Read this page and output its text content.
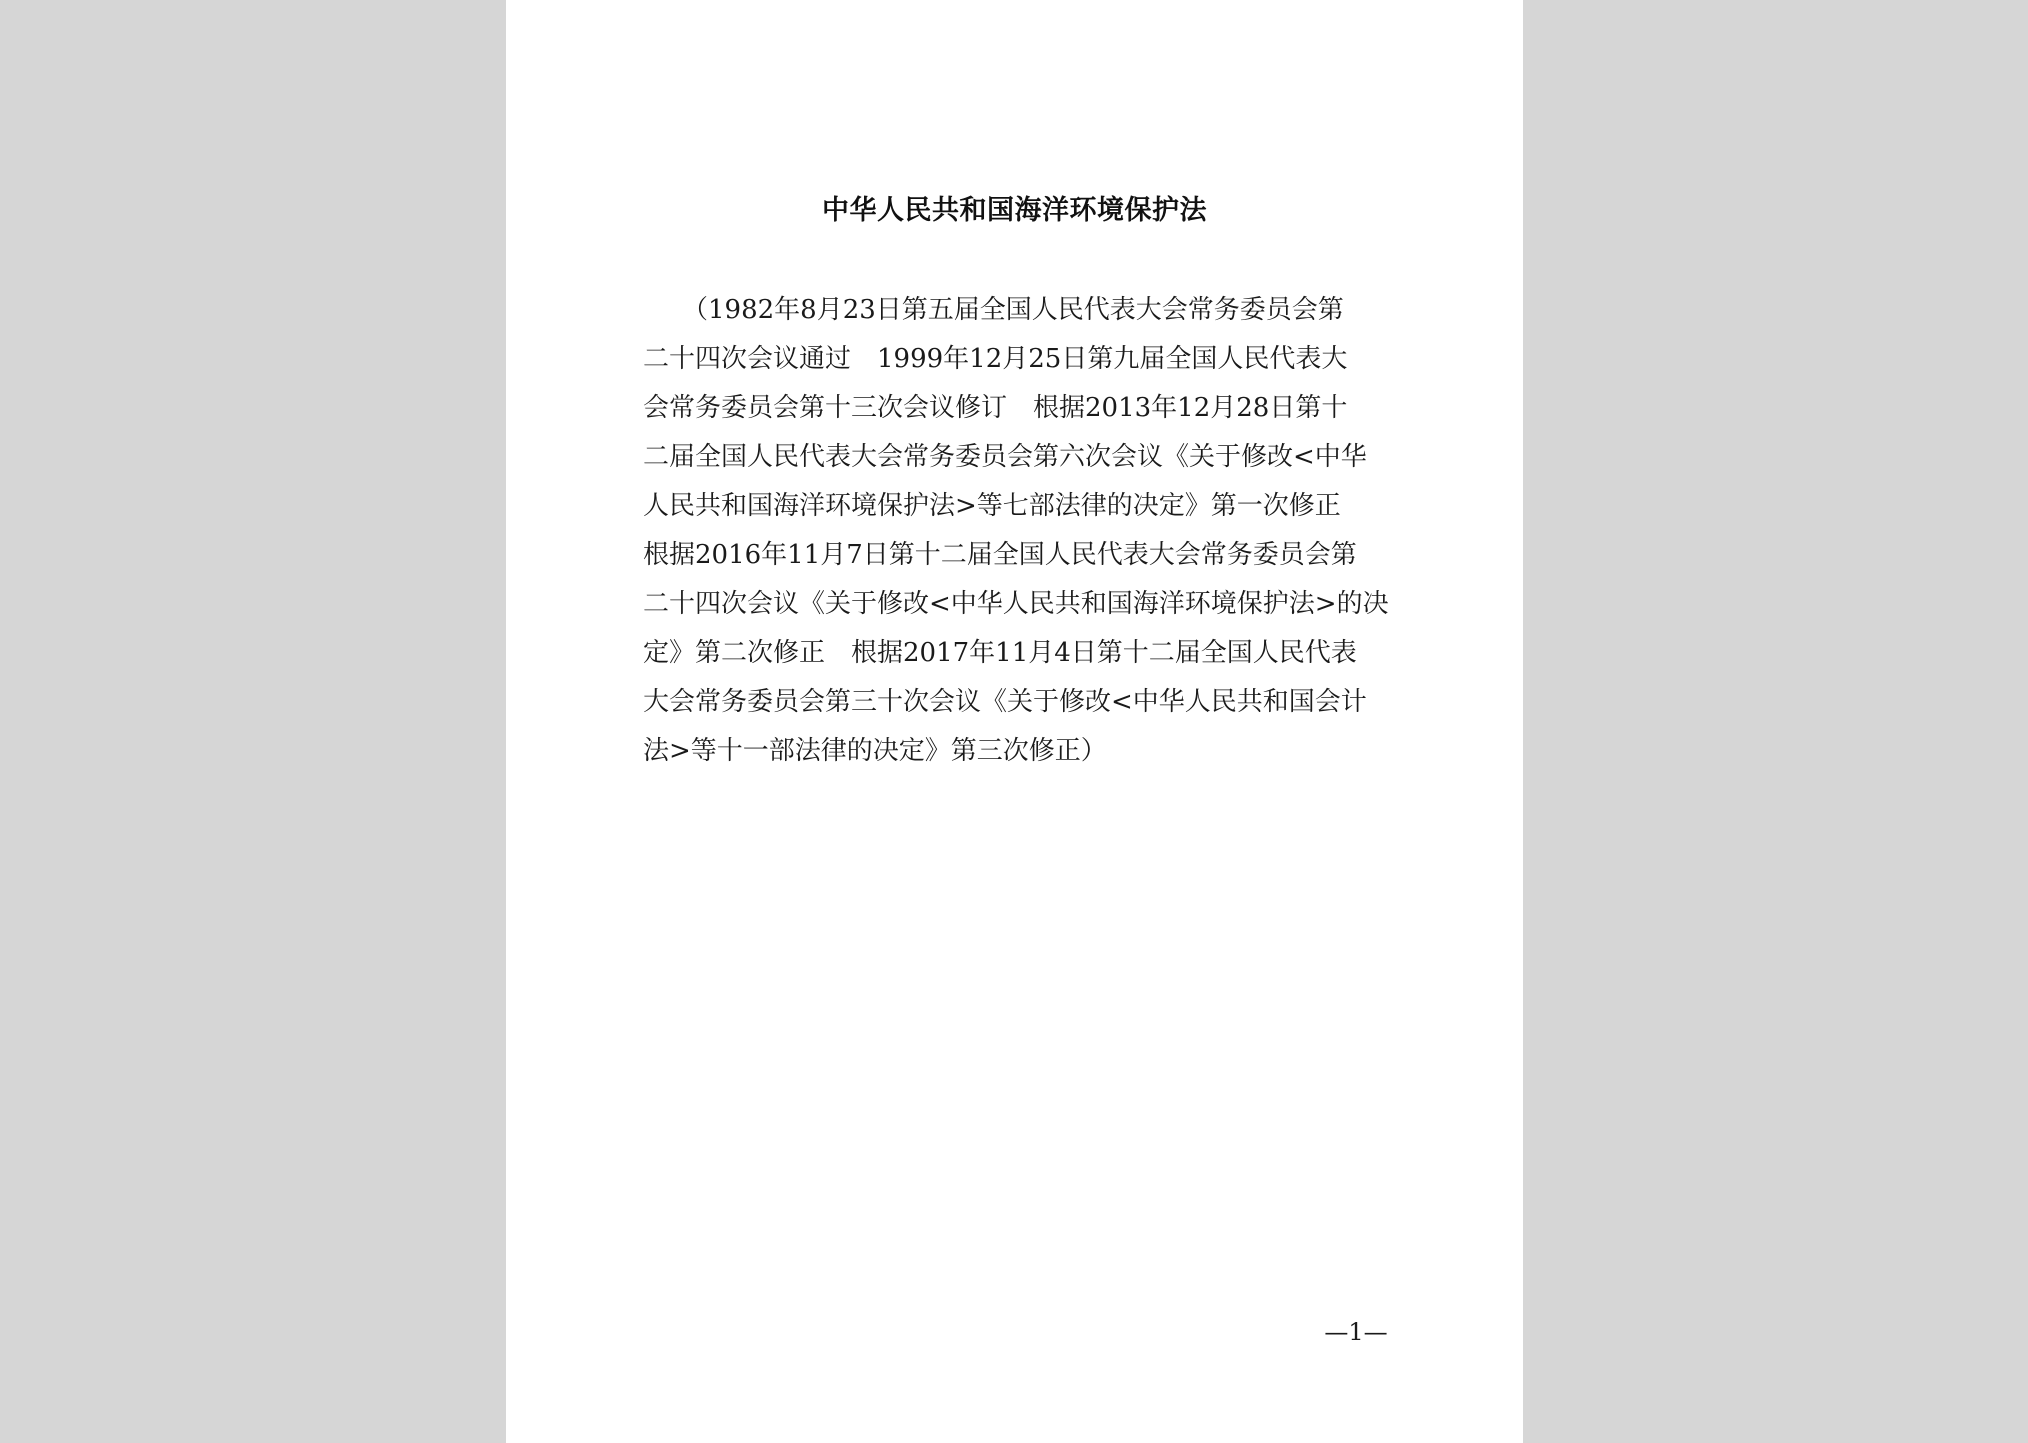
中华人民共和国海洋环境保护法
　　（1982年8月23日第五届全国人民代表大会常务委员会第
二十四次会议通过　1999年12月25日第九届全国人民代表大
会常务委员会第十三次会议修订　根据2013年12月28日第十
二届全国人民代表大会常务委员会第六次会议《关于修改<中华
人民共和国海洋环境保护法>等七部法律的决定》第一次修正
根据2016年11月7日第十二届全国人民代表大会常务委员会第
二十四次会议《关于修改<中华人民共和国海洋环境保护法>的决
定》第二次修正　根据2017年11月4日第十二届全国人民代表
大会常务委员会第三十次会议《关于修改<中华人民共和国会计
法>等十一部法律的决定》第三次修正）
—1—
